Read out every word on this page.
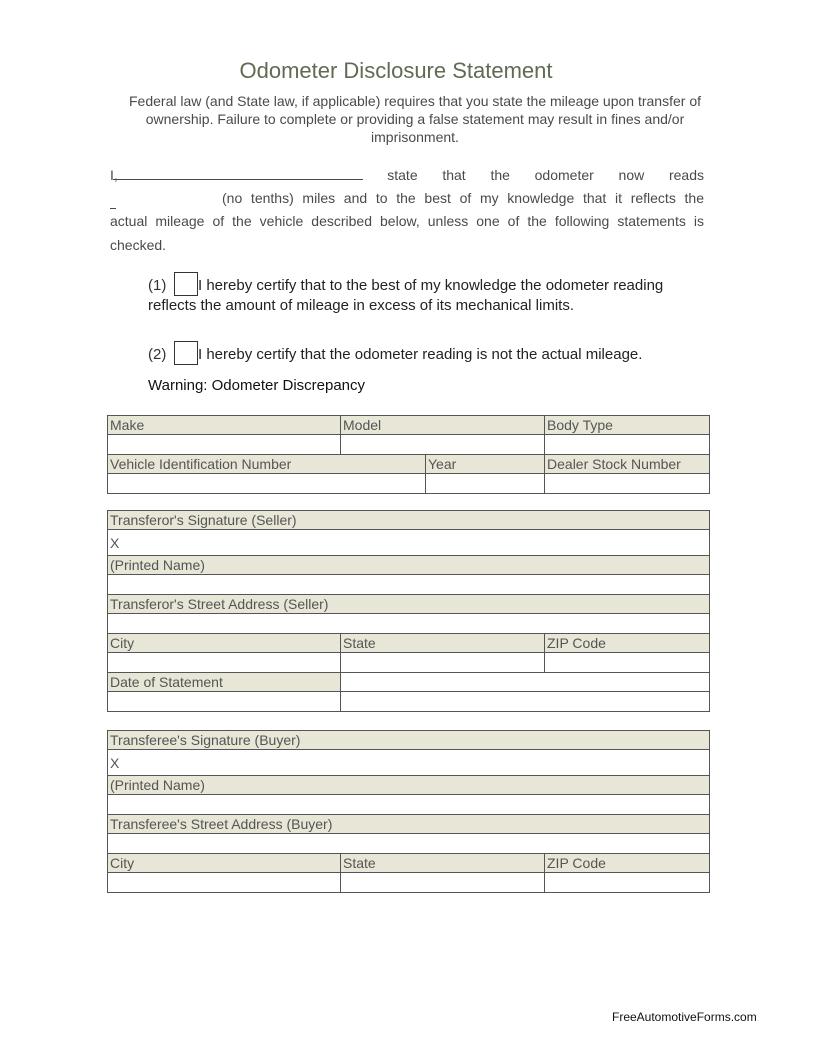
Odometer Disclosure Statement

Federal law (and State law, if applicable) requires that you state the mileage upon transfer of ownership. Failure to complete or providing a false statement may result in fines and/or imprisonment.

I,	state that the odometer now reads
(no tenths) miles and to the best of my knowledge that it reflects the
actual mileage of the vehicle described below, unless one of the following statements is
checked.
(1) I hereby certify that to the best of my knowledge the odometer reading
reflects the amount of mileage in excess of its mechanical limits.
(2) I hereby certify that the odometer reading is not the actual mileage.
Warning: Odometer Discrepancy
Make	Model		Body Type

Vehicle Identification Number		Year	Dealer Stock Number

Transferor's Signature (Seller)		
X		
(Printed Name)		

Transferor's Street Address (Seller)		

City	State	ZIP Code

Date of Statement		

Transferee's Signature (Buyer)		
X		
(Printed Name)		

Transferee's Street Address (Buyer)		

City	State	ZIP Code

FreeAutomotiveForms.com
